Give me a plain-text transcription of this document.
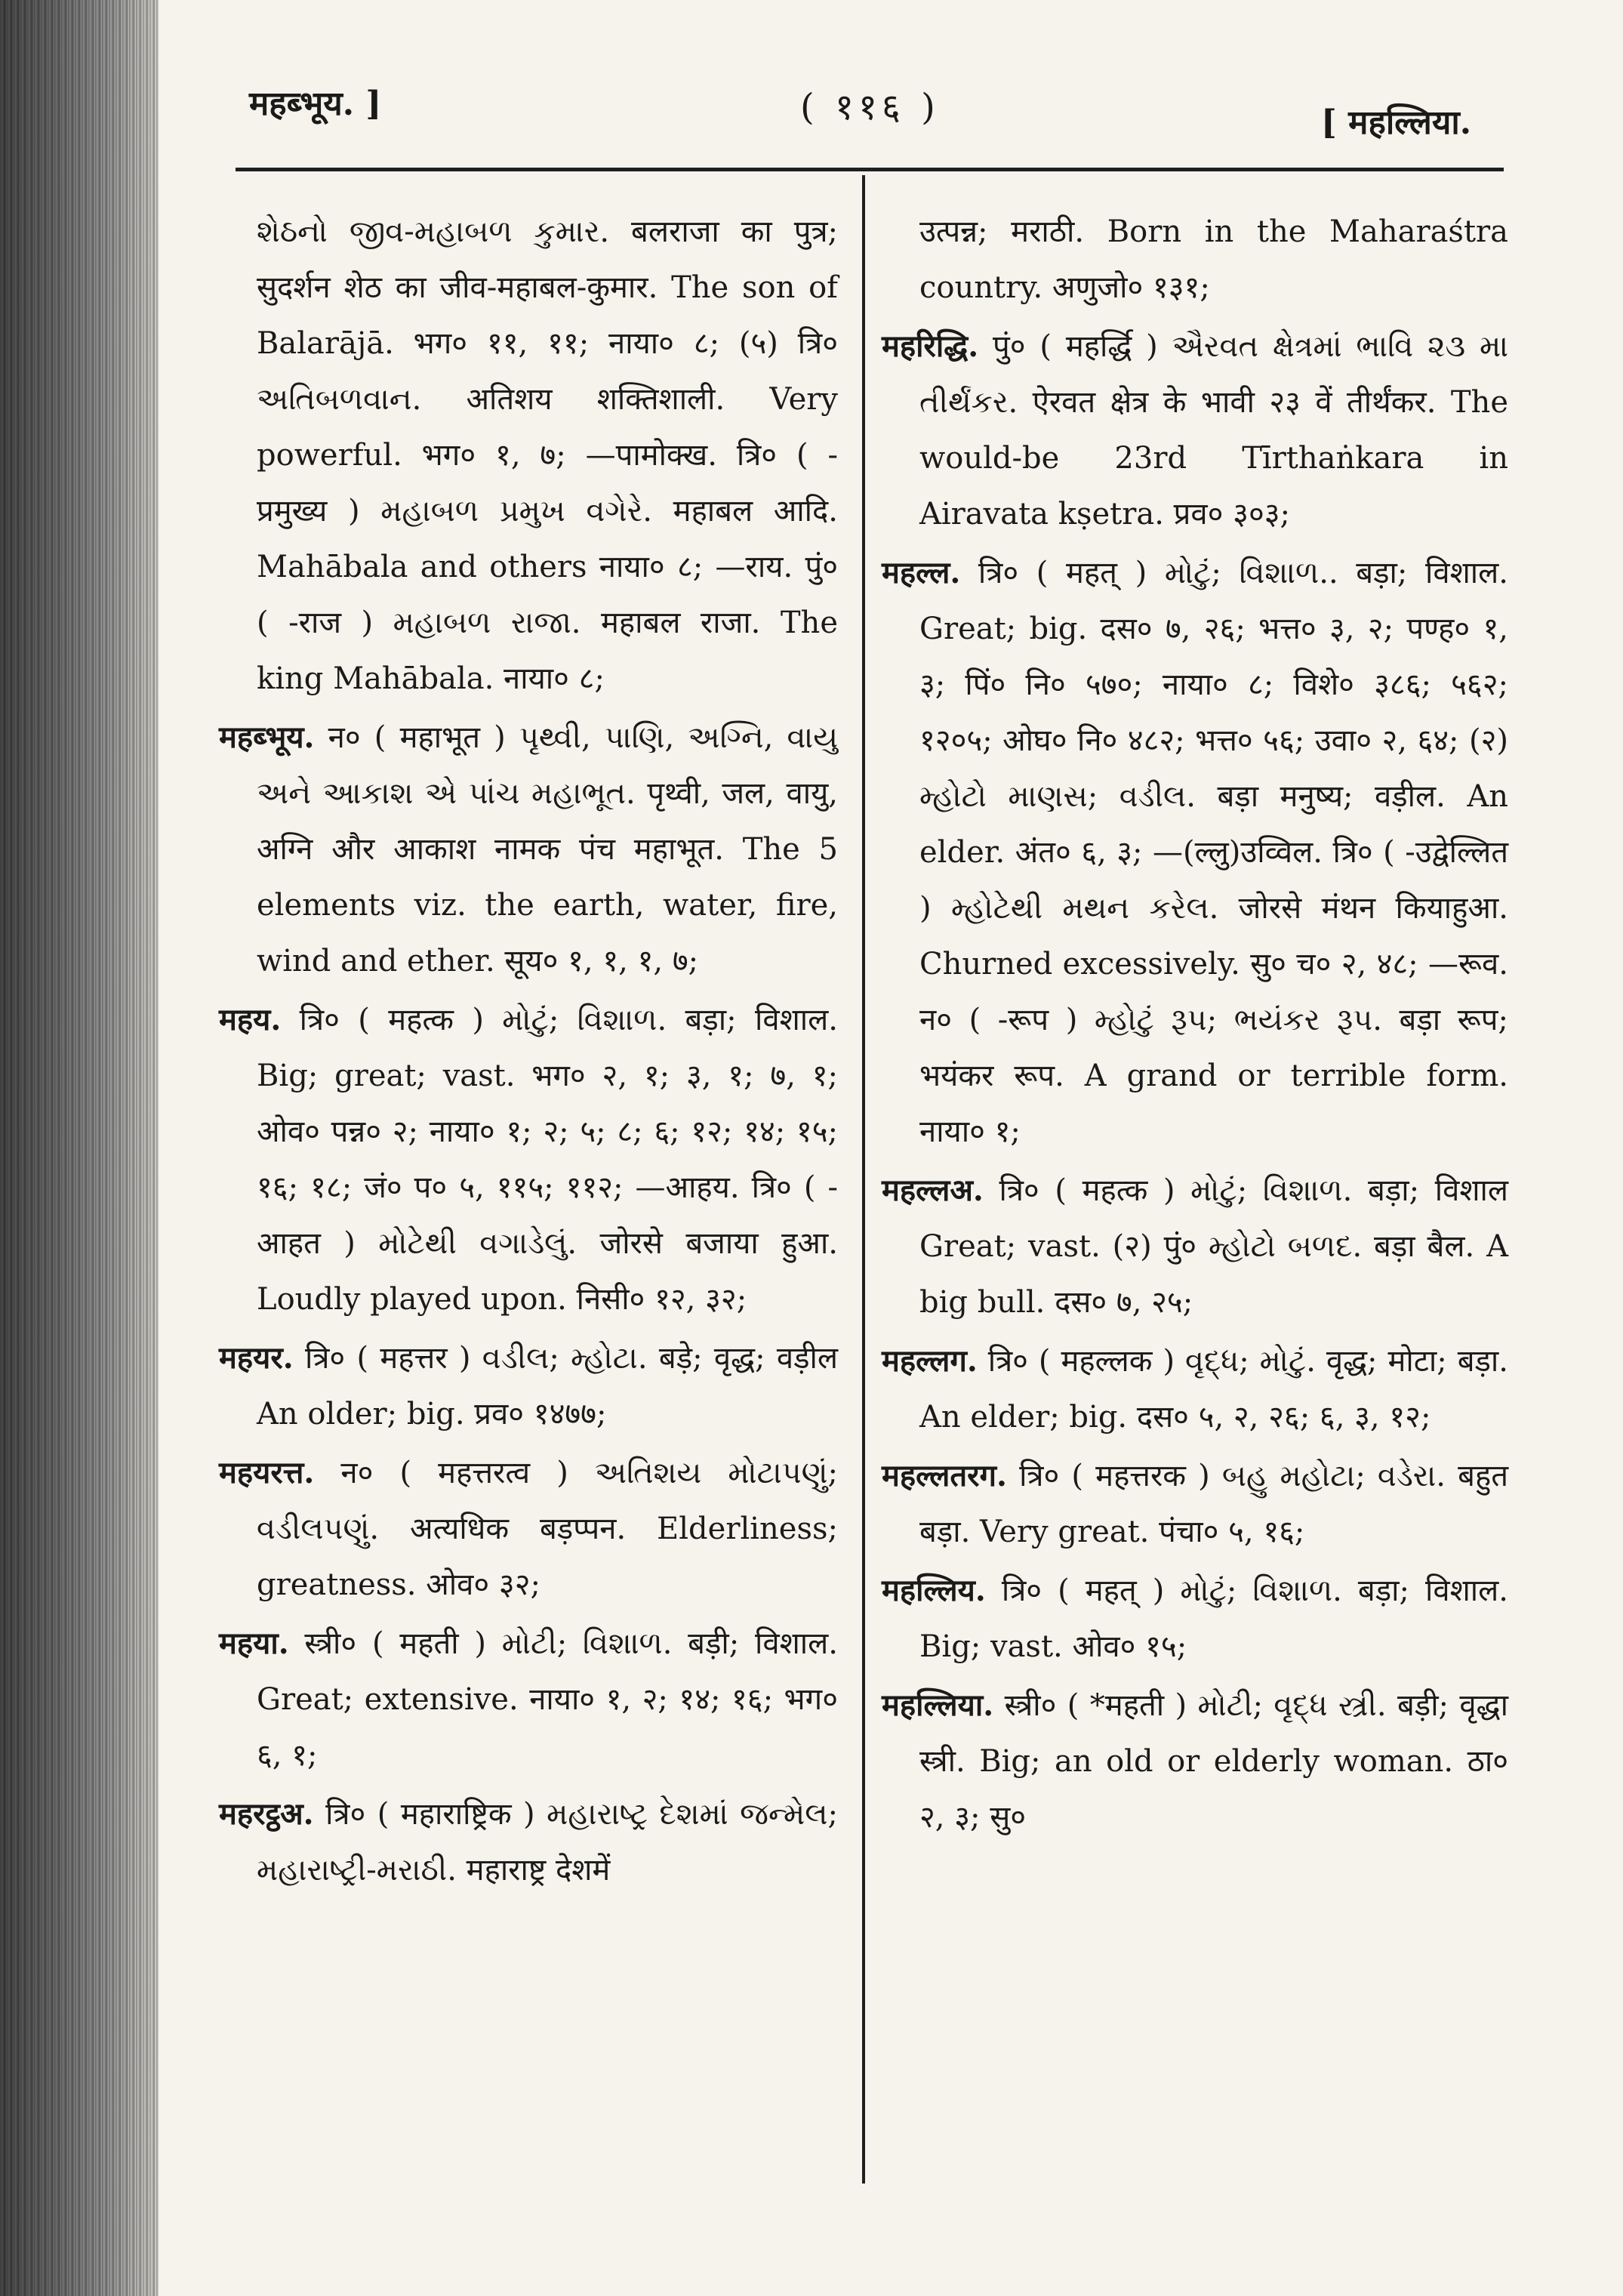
महब्भूय. ]	( ११६ )	[ महल्लिया.

શેઠનો જીવ-મહાબળ કુમાર. बलराजा का पुत्र; सुदर्शन शेठ का जीव-महाबल-कुमार. The son of Balarājā. भग० ११, ११; नाया० ८; (५) त्रि० અતિબળવાન. अतिशय शक्तिशाली. Very powerful. भग० १, ७; —पामोक्ख. त्रि० ( -प्रमुख्य ) મહાબળ પ્રમુખ વગેરે. महाबल आदि. Mahābala and others नाया० ८; —राय. पुं० ( -राज ) મહાબળ રાજા. महाबल राजा. The king Mahābala. नाया० ८;

महब्भूय. न० ( महाभूत ) પૃથ્વી, પાણિ, અગ્નિ, વાયુ અને આકાશ એ પાંચ મહાભૂત. पृथ्वी, जल, वायु, अग्नि और आकाश नामक पंच महाभूत. The 5 elements viz. the earth, water, fire, wind and ether. सूय० १, १, १, ७;

महय. त्रि० ( महत्क ) મોટું; વિશાળ. बड़ा; विशाल. Big; great; vast. भग० २, १; ३, १; ७, १; ओव० पन्न० २; नाया० १; २; ५; ८; ६; १२; १४; १५; १६; १८; जं० प० ५, ११५; ११२; —आहय. त्रि० ( -आहत ) મોટેથી વગાડેલું. जोरसे बजाया हुआ. Loudly played upon. निसी० १२, ३२;

महयर. त्रि० ( महत्तर ) વડીલ; મ્હોટા. बड़े; वृद्ध; वड़ील An older; big. प्रव० १४७७;

महयरत्त. न० ( महत्तरत्व ) અતિશય મોટાપણું; વડીલપણું. अत्यधिक बड़प्पन. Elderliness; greatness. ओव० ३२;

महया. स्त्री० ( महती ) મોટી; વિશાળ. बड़ी; विशाल. Great; extensive. नाया० १, २; १४; १६; भग० ६, १;

महरट्ठअ. त्रि० ( महाराष्ट्रिक ) મહારાષ્ટ્ર દેશમાં જન્મેલ; મહારાષ્ટ્રી-મરાઠી. महाराष्ट्र देशमें

उत्पन्न; मराठी. Born in the Maharaśtra country. अणुजो० १३१;

महरिद्धि. पुं० ( महर्द्धि ) ઐરવત ક્ષેત્રમાં ભાવિ ૨૩ મા તીર્થંકર. ऐरवत क्षेत्र के भावी २३ वें तीर्थंकर. The would-be 23rd Tīrthaṅkara in Airavata kṣetra. प्रव० ३०३;

महल्ल. त्रि० ( महत् ) મોટું; વિશાળ.. बड़ा; विशाल. Great; big. दस० ७, २६; भत्त० ३, २; पण्ह० १, ३; पिं० नि० ५७०; नाया० ८; विशे० ३८६; ५६२; १२०५; ओघ० नि० ४८२; भत्त० ५६; उवा० २, ६४; (२) મ્હોટો માણસ; વડીલ. बड़ा मनुष्य; वड़ील. An elder. अंत० ६, ३; —(ल्लु)उव्विल. त्रि० ( -उद्वेल्लित ) મ્હોટેથી મથન કરેલ. जोरसे मंथन कियाहुआ. Churned excessively. सु० च० २, ४८; —रूव. न० ( -रूप ) મ્હોટું રૂપ; ભયંકર રૂપ. बड़ा रूप; भयंकर रूप. A grand or terrible form. नाया० १;

महल्लअ. त्रि० ( महत्क ) મોટું; વિશાળ. बड़ा; विशाल Great; vast. (२) पुं० મ્હોટો બળદ. बड़ा बैल. A big bull. दस० ७, २५;

महल्लग. त्रि० ( महल्लक ) વૃદ્ધ; મોટું. वृद्ध; मोटा; बड़ा. An elder; big. दस० ५, २, २६; ६, ३, १२;

महल्लतरग. त्रि० ( महत्तरक ) બહુ મહોટા; વડેરા. बहुत बड़ा. Very great. पंचा० ५, १६;

महल्लिय. त्रि० ( महत् ) મોટું; વિશાળ. बड़ा; विशाल. Big; vast. ओव० १५;

महल्लिया. स्त्री० ( *महती ) મોટી; વૃદ્ધ સ્ત્રી. बड़ी; वृद्धा स्त्री. Big; an old or elderly woman. ठा० २, ३; सु०
